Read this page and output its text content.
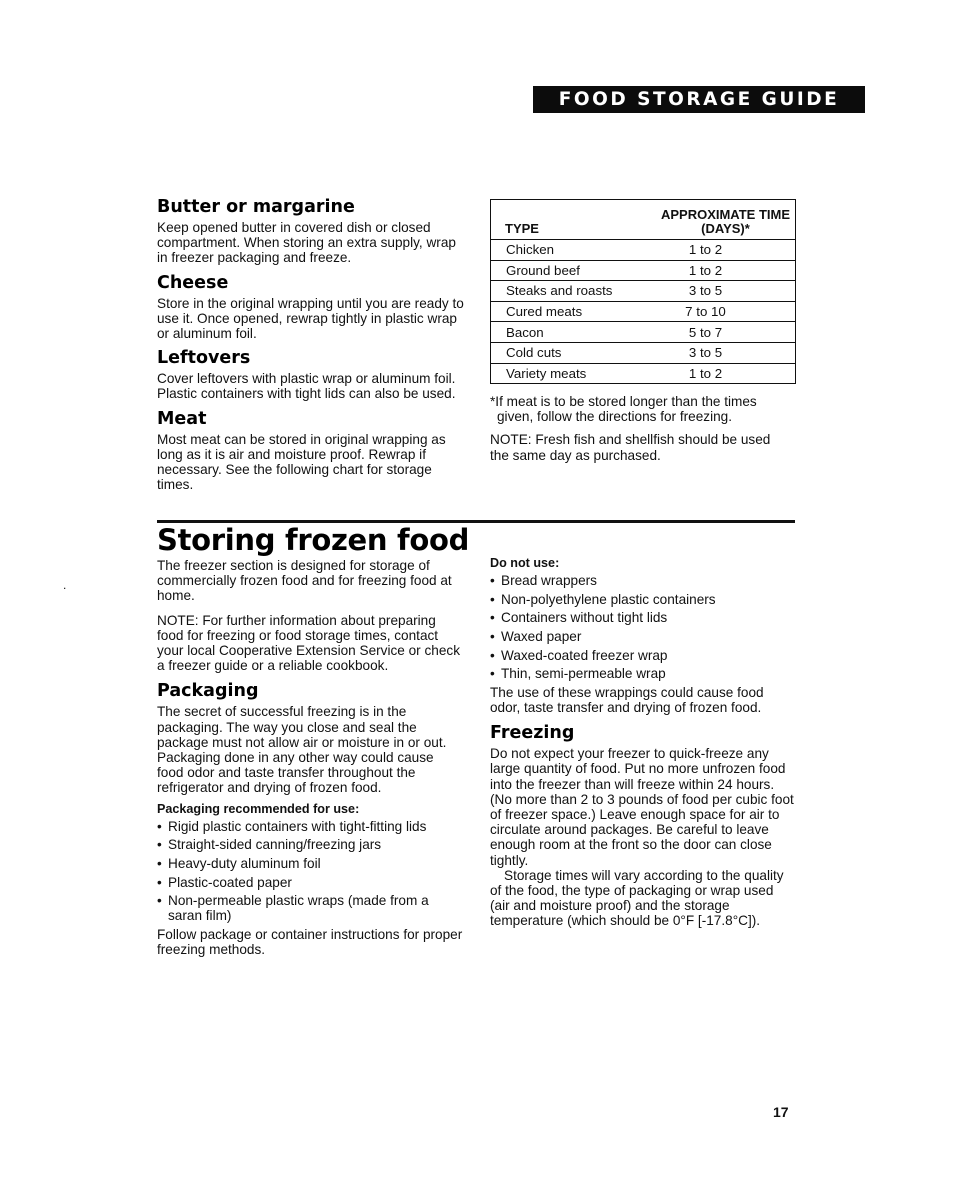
FOOD STORAGE GUIDE
Butter or margarine

Keep opened butter in covered dish or closed compartment. When storing an extra supply, wrap in freezer packaging and freeze.

Cheese

Store in the original wrapping until you are ready to use it. Once opened, rewrap tightly in plastic wrap or aluminum foil.

Leftovers

Cover leftovers with plastic wrap or aluminum foil. Plastic containers with tight lids can also be used.

Meat

Most meat can be stored in original wrapping as long as it is air and moisture proof. Rewrap if necessary. See the following chart for storage times.

TYPE	APPROXIMATE TIME
(DAYS)*
Chicken	1 to 2
Ground beef	1 to 2
Steaks and roasts	3 to 5
Cured meats	7 to 10
Bacon	5 to 7
Cold cuts	3 to 5
Variety meats	1 to 2

*If meat is to be stored longer than the times given, follow the directions for freezing.

NOTE: Fresh fish and shellfish should be used the same day as purchased.

Storing frozen food
.

The freezer section is designed for storage of commercially frozen food and for freezing food at home.

NOTE: For further information about preparing food for freezing or food storage times, contact your local Cooperative Extension Service or check a freezer guide or a reliable cookbook.

Packaging

The secret of successful freezing is in the packaging. The way you close and seal the package must not allow air or moisture in or out. Packaging done in any other way could cause food odor and taste transfer throughout the refrigerator and drying of frozen food.

Packaging recommended for use:

• Rigid plastic containers with tight-fitting lids
• Straight-sided canning/freezing jars
• Heavy-duty aluminum foil
• Plastic-coated paper
• Non-permeable plastic wraps (made from a saran film)

Follow package or container instructions for proper freezing methods.

Do not use:

• Bread wrappers
• Non-polyethylene plastic containers
• Containers without tight lids
• Waxed paper
• Waxed-coated freezer wrap
• Thin, semi-permeable wrap

The use of these wrappings could cause food odor, taste transfer and drying of frozen food.

Freezing

Do not expect your freezer to quick-freeze any large quantity of food. Put no more unfrozen food into the freezer than will freeze within 24 hours. (No more than 2 to 3 pounds of food per cubic foot of freezer space.) Leave enough space for air to circulate around packages. Be careful to leave enough room at the front so the door can close tightly.

Storage times will vary according to the quality of the food, the type of packaging or wrap used (air and moisture proof) and the storage temperature (which should be 0°F [-17.8°C]).

17
